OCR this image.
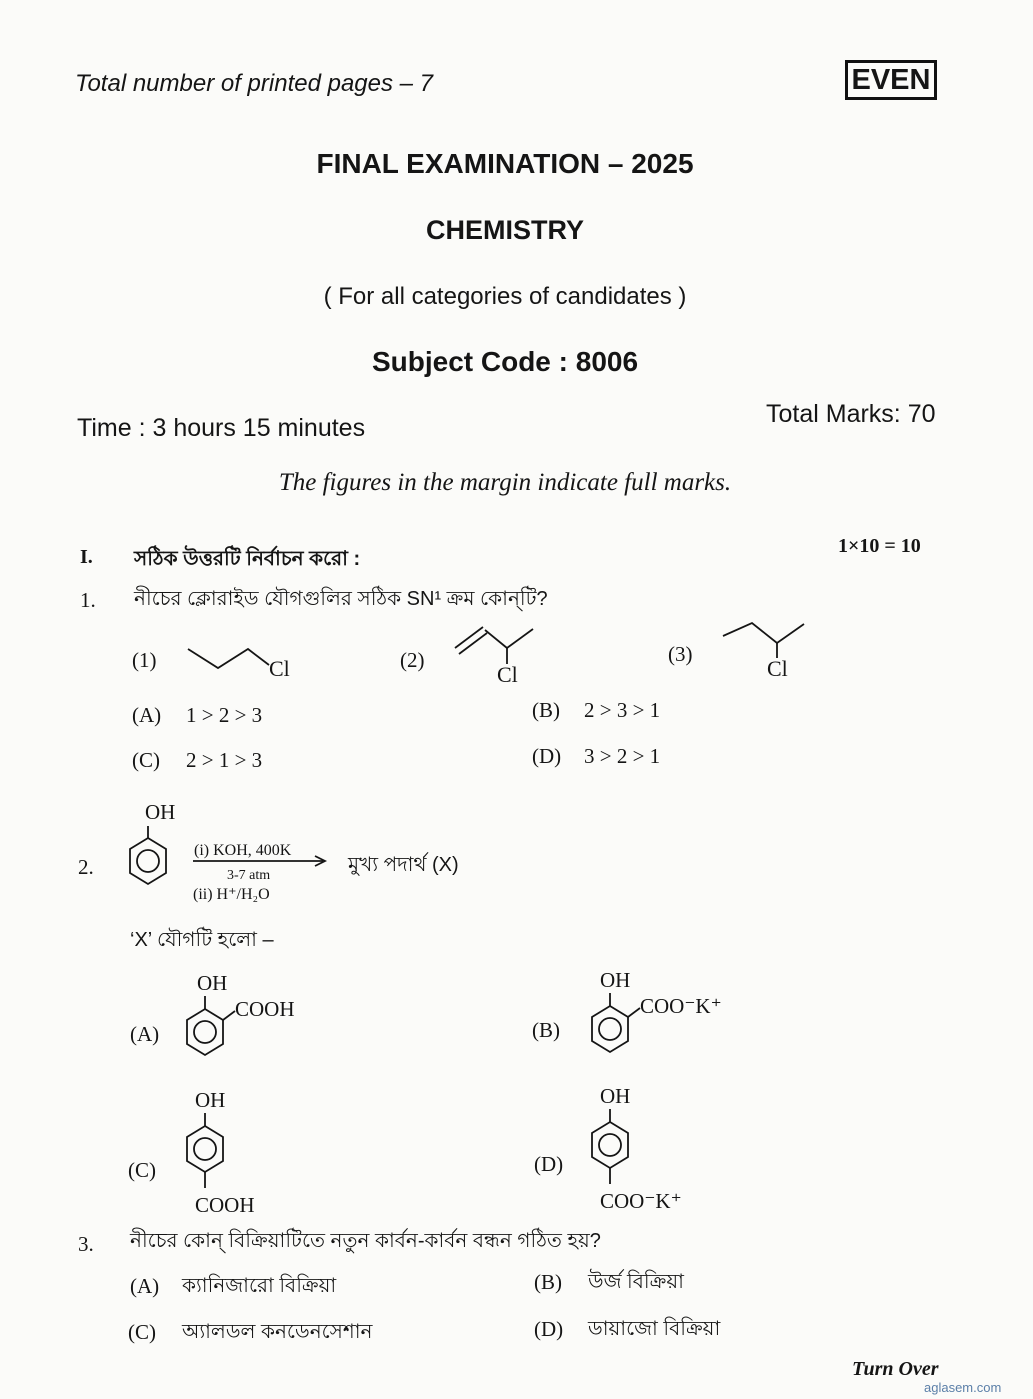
Total number of printed pages – 7	EVEN
FINAL EXAMINATION – 2025
CHEMISTRY
( For all categories of candidates )
Subject Code : 8006
Time : 3 hours 15 minutes	Total Marks: 70
The figures in the margin indicate full marks.
I. সঠিক উত্তরটি নির্বাচন করো :
1×10 = 10
1. নীচের ক্লোরাইড যৌগগুলির সঠিক SN¹ ক্রম কোন্‌টি?
(1)	Cl	(2)
Cl
(3)
Cl
(A) 1 > 2 > 3	(B) 2 > 3 > 1
(C) 2 > 1 > 3	(D) 3 > 2 > 1
2.
OH
(i) KOH, 400K
3-7 atm
(ii) H⁺/H₂O
মুখ্য পদার্থ (X)
‘X’ যৌগটি হলো –
(A)
OH
COOH
(B)
OH
COO⁻K⁺
(C)
OH
COOH
(D)
OH
COO⁻K⁺
3. নীচের কোন্‌ বিক্রিয়াটিতে নতুন কার্বন-কার্বন বন্ধন গঠিত হয়?
(A) ক্যানিজারো বিক্রিয়া	(B) উর্জ বিক্রিয়া
(C) অ্যালডল কনডেনসেশান	(D) ডায়াজো বিক্রিয়া
Turn Over
aglasem.com
